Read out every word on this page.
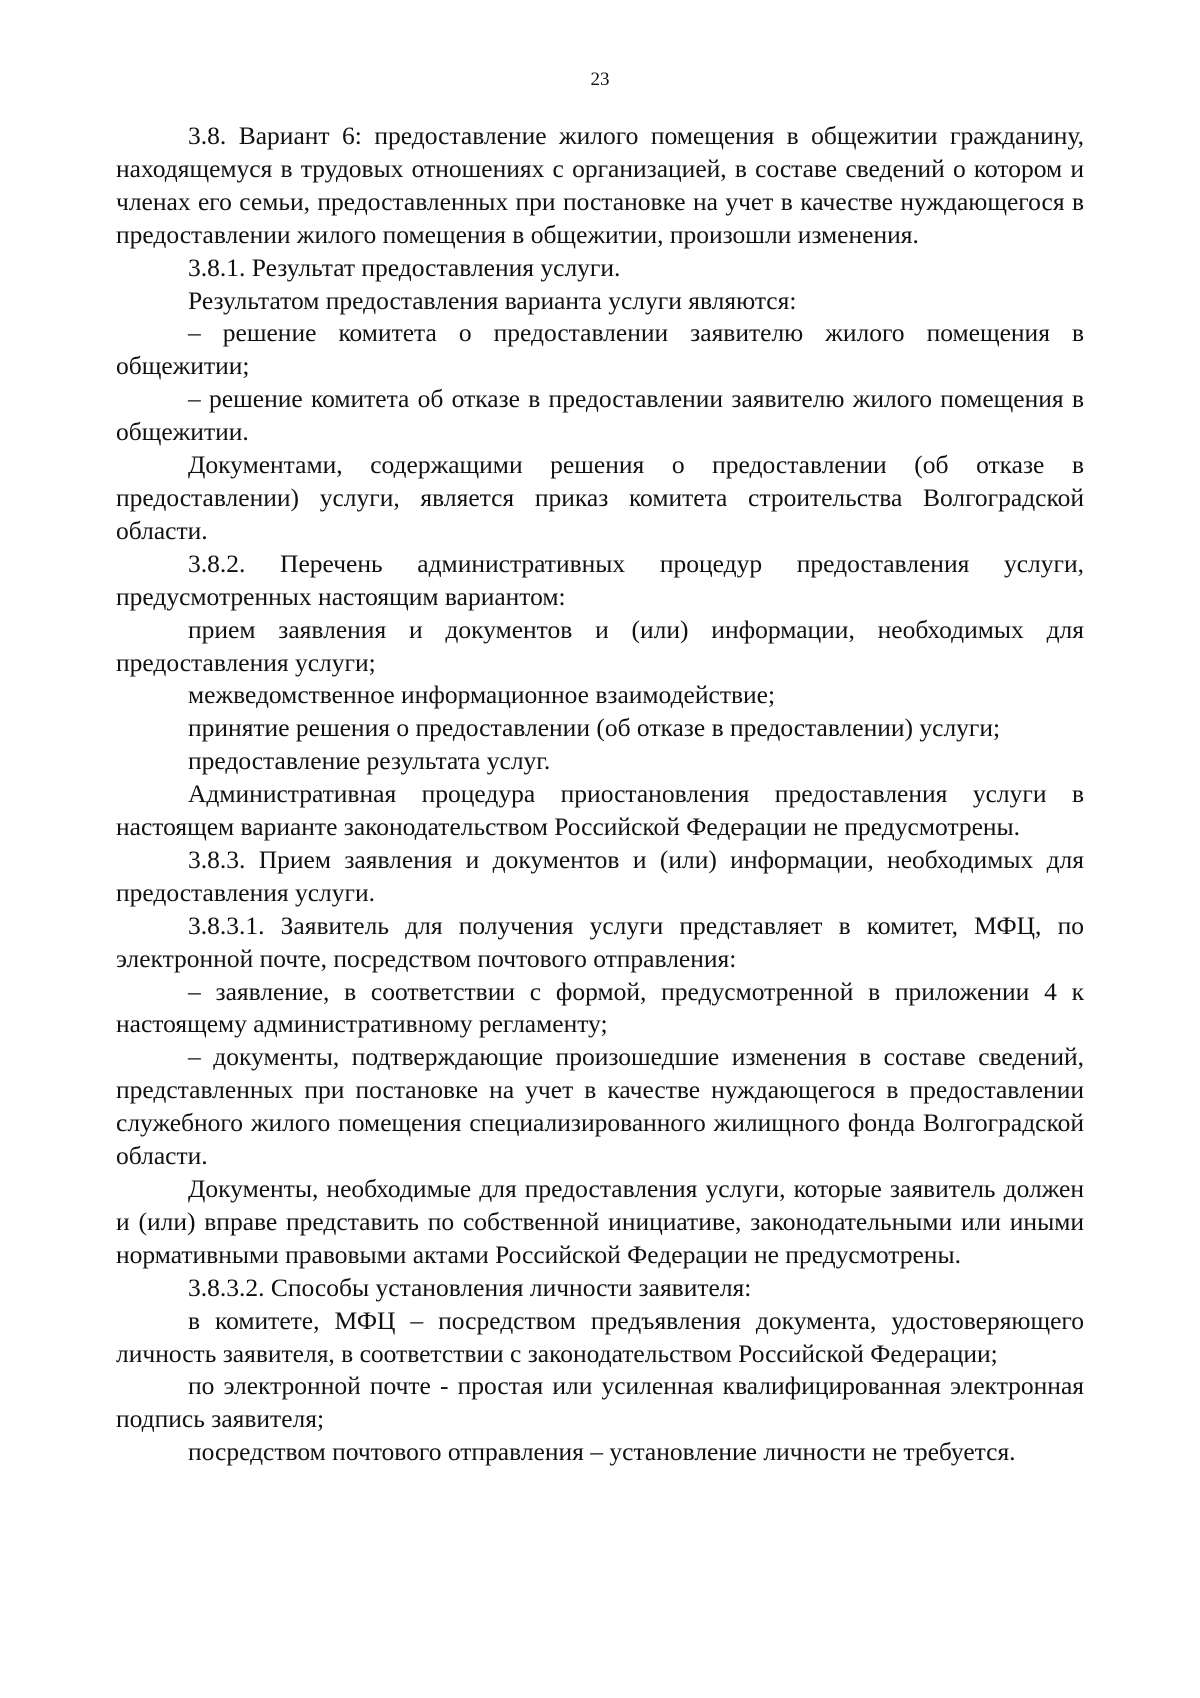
23

3.8. Вариант 6: предоставление жилого помещения в общежитии гражданину, находящемуся в трудовых отношениях с организацией, в составе сведений о котором и членах его семьи, предоставленных при постановке на учет в качестве нуждающегося в предоставлении жилого помещения в общежитии, произошли изменения.

3.8.1. Результат предоставления услуги.

Результатом предоставления варианта услуги являются:

– решение комитета о предоставлении заявителю жилого помещения в общежитии;

– решение комитета об отказе в предоставлении заявителю жилого помещения в общежитии.

Документами, содержащими решения о предоставлении (об отказе в предоставлении) услуги, является приказ комитета строительства Волгоградской области.

3.8.2. Перечень административных процедур предоставления услуги, предусмотренных настоящим вариантом:

прием заявления и документов и (или) информации, необходимых для предоставления услуги;

межведомственное информационное взаимодействие;

принятие решения о предоставлении (об отказе в предоставлении) услуги;

предоставление результата услуг.

Административная процедура приостановления предоставления услуги в настоящем варианте законодательством Российской Федерации не предусмотрены.

3.8.3. Прием заявления и документов и (или) информации, необходимых для предоставления услуги.

3.8.3.1. Заявитель для получения услуги представляет в комитет, МФЦ, по электронной почте, посредством почтового отправления:

– заявление, в соответствии с формой, предусмотренной в приложении 4 к настоящему административному регламенту;

– документы, подтверждающие произошедшие изменения в составе сведений, представленных при постановке на учет в качестве нуждающегося в предоставлении служебного жилого помещения специализированного жилищного фонда Волгоградской области.

Документы, необходимые для предоставления услуги, которые заявитель должен и (или) вправе представить по собственной инициативе, законодательными или иными нормативными правовыми актами Российской Федерации не предусмотрены.

3.8.3.2. Способы установления личности заявителя:

в комитете, МФЦ – посредством предъявления документа, удостоверяющего личность заявителя, в соответствии с законодательством Российской Федерации;

по электронной почте - простая или усиленная квалифицированная электронная подпись заявителя;

посредством почтового отправления – установление личности не требуется.
